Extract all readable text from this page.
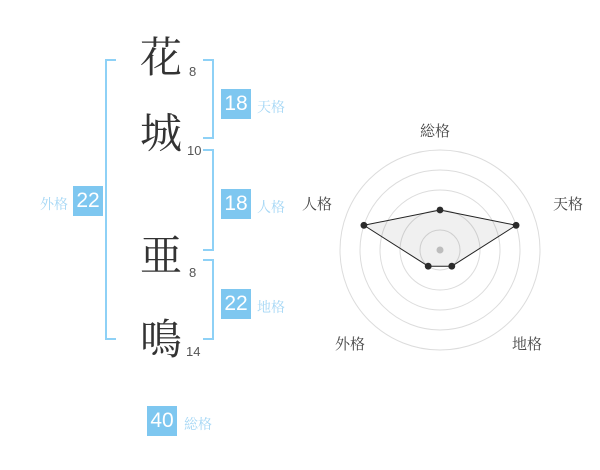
花 8
城 10
亜 8
鳴 14
18 天格
18 人格
22 地格
外格 22
40 総格
総格
天格
地格
外格
人格
